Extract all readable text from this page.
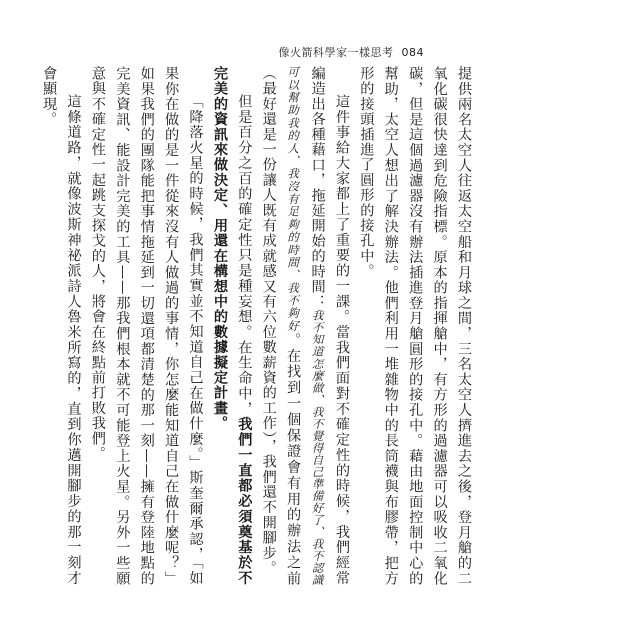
像火箭科學家一樣思考 084

提供兩名太空人往返太空船和月球之間，三名太空人擠進去之後，登月艙的二氧化碳很快達到危險指標。原本的指揮艙中，有方形的過濾器可以吸收二氧化碳，但是這個過濾器沒有辦法插進登月艙圓形的接孔中。藉由地面控制中心的幫助，太空人想出了解決辦法。他們利用一堆雜物中的長筒襪與布膠帶，把方形的接頭插進了圓形的接孔中。

這件事給大家都上了重要的一課。當我們面對不確定性的時候，我們經常編造出各種藉口，拖延開始的時間：我不知道怎麼做、我不覺得自己準備好了、我不認識可以幫助我的人、我沒有足夠的時間、我不夠好。在找到一個保證會有用的辦法之前（最好還是一份讓人既有成就感又有六位數薪資的工作），我們還不開腳步。

但是百分之百的確定性只是種妄想。在生命中，我們一直都必須奠基於不完美的資訊來做決定、用還在構想中的數據擬定計畫。

「降落火星的時候，我們其實並不知道自己在做什麼。」斯奎爾承認，「如果你在做的是一件從來沒有人做過的事情，你怎麼能知道自己在做什麼呢？」如果我們的團隊能把事情拖延到一切還項都清楚的那一刻——擁有登陸地點的完美資訊、能設計完美的工具——那我們根本就不可能登上火星。另外一些願意與不確定性一起跳支探戈的人，將會在終點前打敗我們。

這條道路，就像波斯神祕派詩人魯米所寫的，直到你邁開腳步的那一刻才會顯現。
